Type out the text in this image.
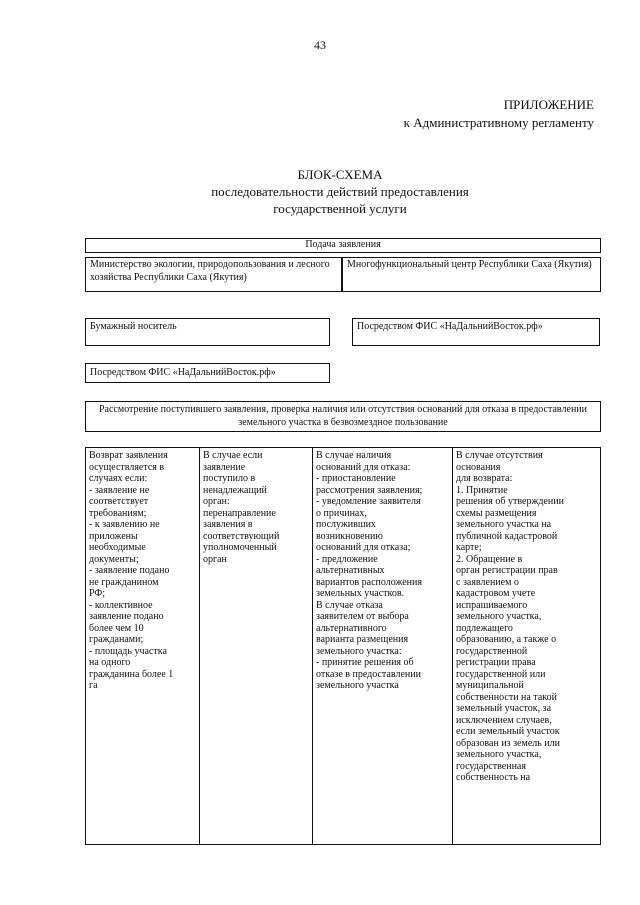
43
ПРИЛОЖЕНИЕ
к Административному регламенту
БЛОК-СХЕМА
последовательности действий предоставления
государственной услуги
Подача заявления
Министерство экологии, природопользования и лесного хозяйства Республики Саха (Якутия)
Многофункциональный центр Республики Саха (Якутия)
Бумажный носитель	Посредством ФИС «НаДальнийВосток.рф»
Посредством ФИС «НаДальнийВосток.рф»
Рассмотрение поступившего заявления, проверка наличия или отсутствия оснований для отказа в предоставлении земельного участка в безвозмездное пользование
Возврат заявления
осуществляется в
случаях если:
- заявление не
соответствует
требованиям;
- к заявлению не
приложены
необходимые
документы;
- заявление подано
не гражданином
РФ;
- коллективное
заявление подано
более чем 10
гражданами;
- площадь участка
на одного
гражданина более 1
га
В случае если
заявление
поступило в
ненадлежащий
орган:
перенаправление
заявления в
соответствующий
уполномоченный
орган
В случае наличия
оснований для отказа:
- приостановление
рассмотрения заявления;
- уведомление заявителя
о причинах,
послуживших
возникновению
оснований для отказа;
- предложение
альтернативных
вариантов расположения
земельных участков.
В случае отказа
заявителем от выбора
альтернативного
варианта размещения
земельного участка:
- принятие решения об
отказе в предоставлении
земельного участка
В случае отсутствия
основания
для возврата:
1. Принятие
решения об утверждении
схемы размещения
земельного участка на
публичной кадастровой
карте;
2. Обращение в
орган регистрации прав
с заявлением о
кадастровом учете
испрашиваемого
земельного участка,
подлежащего
образованию, а также о
государственной
регистрации права
государственной или
муниципальной
собственности на такой
земельный участок, за
исключением случаев,
если земельный участок
образован из земель или
земельного участка,
государственная
собственность на
